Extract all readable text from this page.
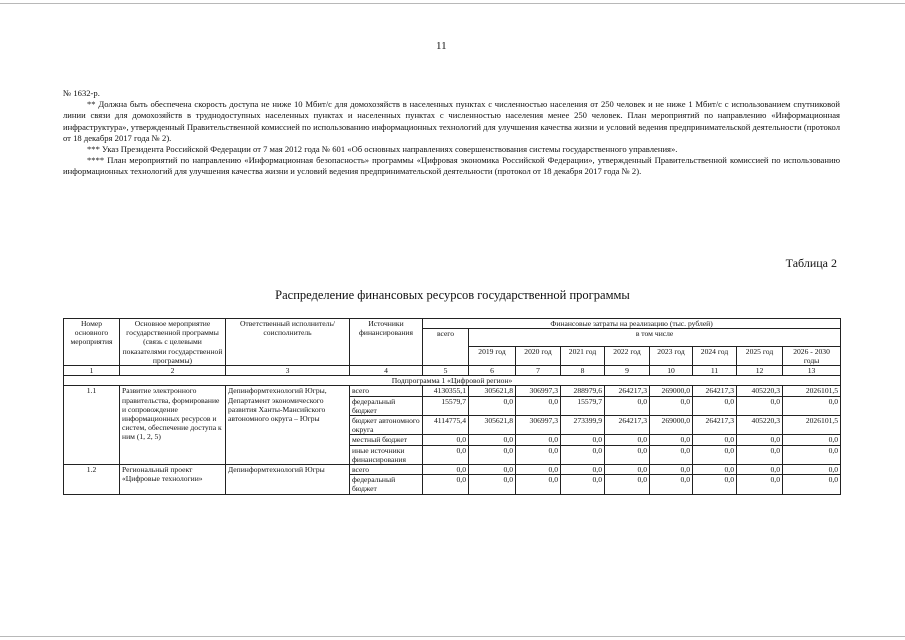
11

№ 1632-р.

** Должна быть обеспечена скорость доступа не ниже 10 Мбит/с для домохозяйств в населенных пунктах с численностью населения от 250 человек и не ниже 1 Мбит/с с использованием спутниковой линии связи для домохозяйств в труднодоступных населенных пунктах и населенных пунктах с численностью населения менее 250 человек. План мероприятий по направлению «Информационная инфраструктура», утвержденный Правительственной комиссией по использованию информационных технологий для улучшения качества жизни и условий ведения предпринимательской деятельности (протокол от 18 декабря 2017 года № 2).

*** Указ Президента Российской Федерации от 7 мая 2012 года № 601 «Об основных направлениях совершенствования системы государственного управления».

**** План мероприятий по направлению «Информационная безопасность» программы «Цифровая экономика Российской Федерации», утвержденный Правительственной комиссией по использованию информационных технологий для улучшения качества жизни и условий ведения предпринимательской деятельности (протокол от 18 декабря 2017 года № 2).

Таблица 2
Распределение финансовых ресурсов государственной программы
Номер основного мероприятия	Основное мероприятие государственной программы (связь с целевыми показателями государственной программы)	Ответственный исполнитель/соисполнитель	Источники финансирования	Финансовые затраты на реализацию (тыс. рублей)								
				всего	в том числе							
					2019 год	2020 год	2021 год	2022 год	2023 год	2024 год	2025 год	2026 - 2030 годы
1	2	3	4	5	6	7	8	9	10	11	12	13
Подпрограмма 1 «Цифровой регион»												
1.1	Развитие электронного правительства, формирование и сопровождение информационных ресурсов и систем, обеспечение доступа к ним (1, 2, 5)	Депинформтехнологий Югры, Департамент экономического развития Ханты-Мансийского автономного округа – Югры	всего	4130355,1	305621,8	306997,3	288979,6	264217,3	269000,0	264217,3	405220,3	2026101,5
			федеральный бюджет	15579,7	0,0	0,0	15579,7	0,0	0,0	0,0	0,0	0,0
			бюджет автономного округа	4114775,4	305621,8	306997,3	273399,9	264217,3	269000,0	264217,3	405220,3	2026101,5
			местный бюджет	0,0	0,0	0,0	0,0	0,0	0,0	0,0	0,0	0,0
			иные источники финансирования	0,0	0,0	0,0	0,0	0,0	0,0	0,0	0,0	0,0
1.2	Региональный проект «Цифровые технологии»	Депинформтехнологий Югры	всего	0,0	0,0	0,0	0,0	0,0	0,0	0,0	0,0	0,0
			федеральный бюджет	0,0	0,0	0,0	0,0	0,0	0,0	0,0	0,0	0,0
